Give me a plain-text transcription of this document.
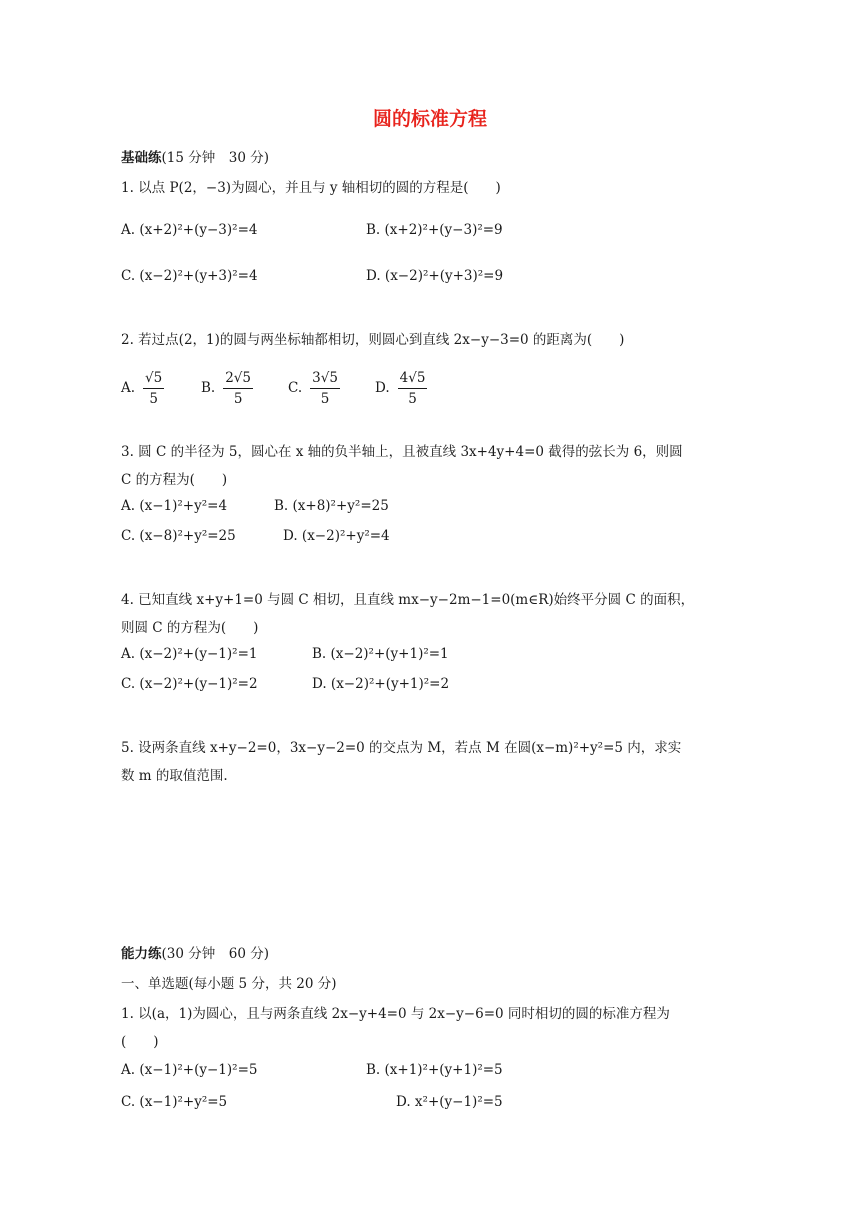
圆的标准方程
基础练(15 分钟　30 分)
1. 以点 P(2，−3)为圆心，并且与 y 轴相切的圆的方程是(　　)
A. (x+2)²+(y−3)²=4	B. (x+2)²+(y−3)²=9
C. (x−2)²+(y+3)²=4	D. (x−2)²+(y+3)²=9
2. 若过点(2，1)的圆与两坐标轴都相切，则圆心到直线 2x−y−3=0 的距离为(　　)
A. $\frac{√5}{5}$	B. $\frac{2√5}{5}$	C. $\frac{3√5}{5}$	D. $\frac{4√5}{5}$
3. 圆 C 的半径为 5，圆心在 x 轴的负半轴上，且被直线 3x+4y+4=0 截得的弦长为 6，则圆
C 的方程为(　　)
A. (x−1)²+y²=4	B. (x+8)²+y²=25
C. (x−8)²+y²=25	D. (x−2)²+y²=4
4. 已知直线 x+y+1=0 与圆 C 相切，且直线 mx−y−2m−1=0(m∈R)始终平分圆 C 的面积，
则圆 C 的方程为(　　)
A. (x−2)²+(y−1)²=1	B. (x−2)²+(y+1)²=1
C. (x−2)²+(y−1)²=2	D. (x−2)²+(y+1)²=2
5. 设两条直线 x+y−2=0，3x−y−2=0 的交点为 M，若点 M 在圆(x−m)²+y²=5 内，求实
数 m 的取值范围.
能力练(30 分钟　60 分)
一、单选题(每小题 5 分，共 20 分)
1. 以(a，1)为圆心，且与两条直线 2x−y+4=0 与 2x−y−6=0 同时相切的圆的标准方程为
(　　)
A. (x−1)²+(y−1)²=5	B. (x+1)²+(y+1)²=5
C. (x−1)²+y²=5	D. x²+(y−1)²=5
